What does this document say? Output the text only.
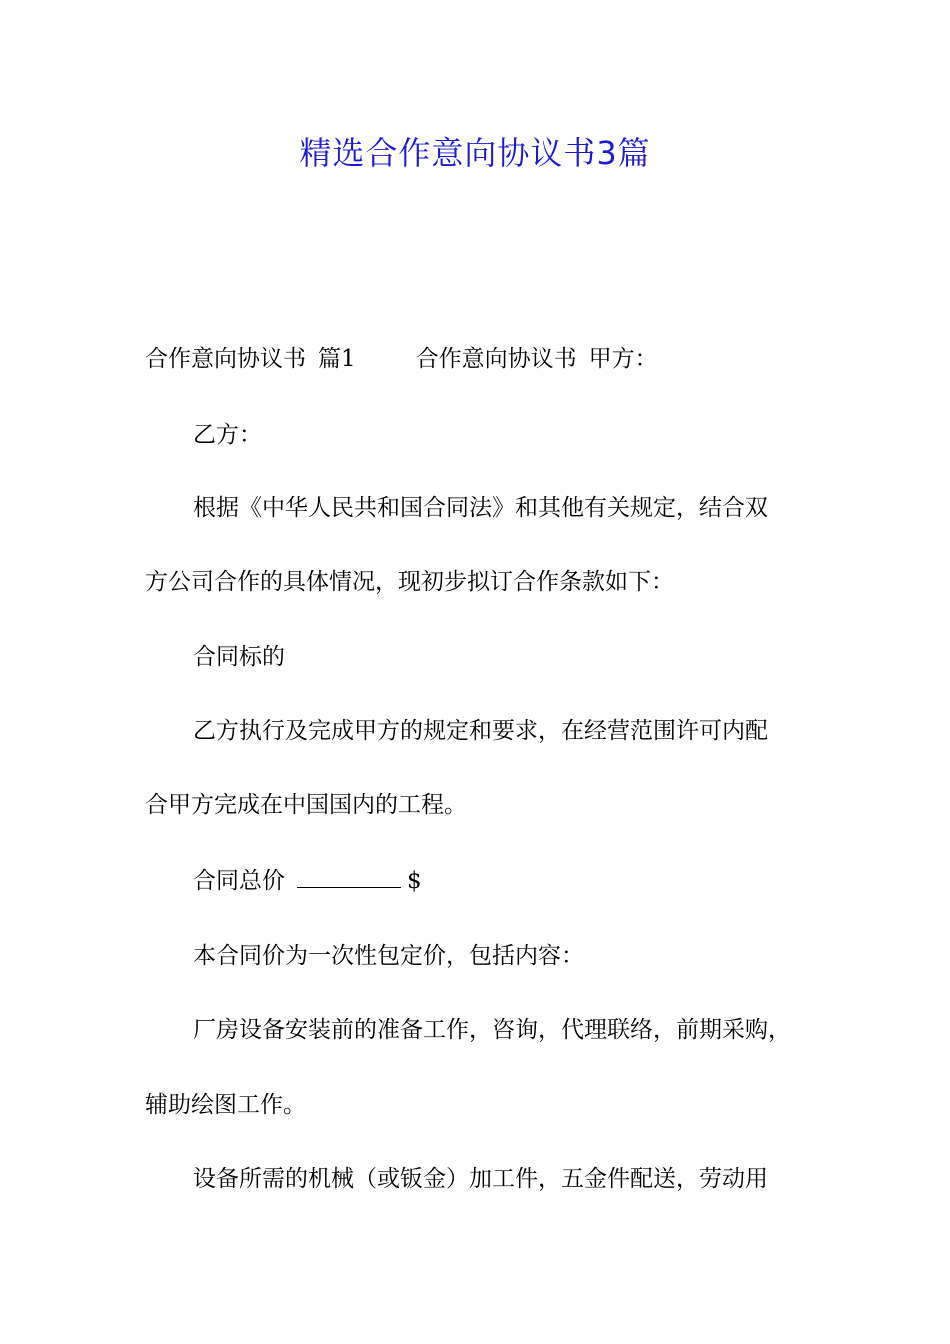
精选合作意向协议书3篇
合作意向协议书 篇1	合作意向协议书 甲方：
乙方：
根据《中华人民共和国合同法》和其他有关规定，结合双
方公司合作的具体情况，现初步拟订合作条款如下：
合同标的
乙方执行及完成甲方的规定和要求，在经营范围许可内配
合甲方完成在中国国内的工程。
合同总价	$
本合同价为一次性包定价，包括内容：
厂房设备安装前的准备工作，咨询，代理联络，前期采购，
辅助绘图工作。
设备所需的机械（或钣金）加工件，五金件配送，劳动用
